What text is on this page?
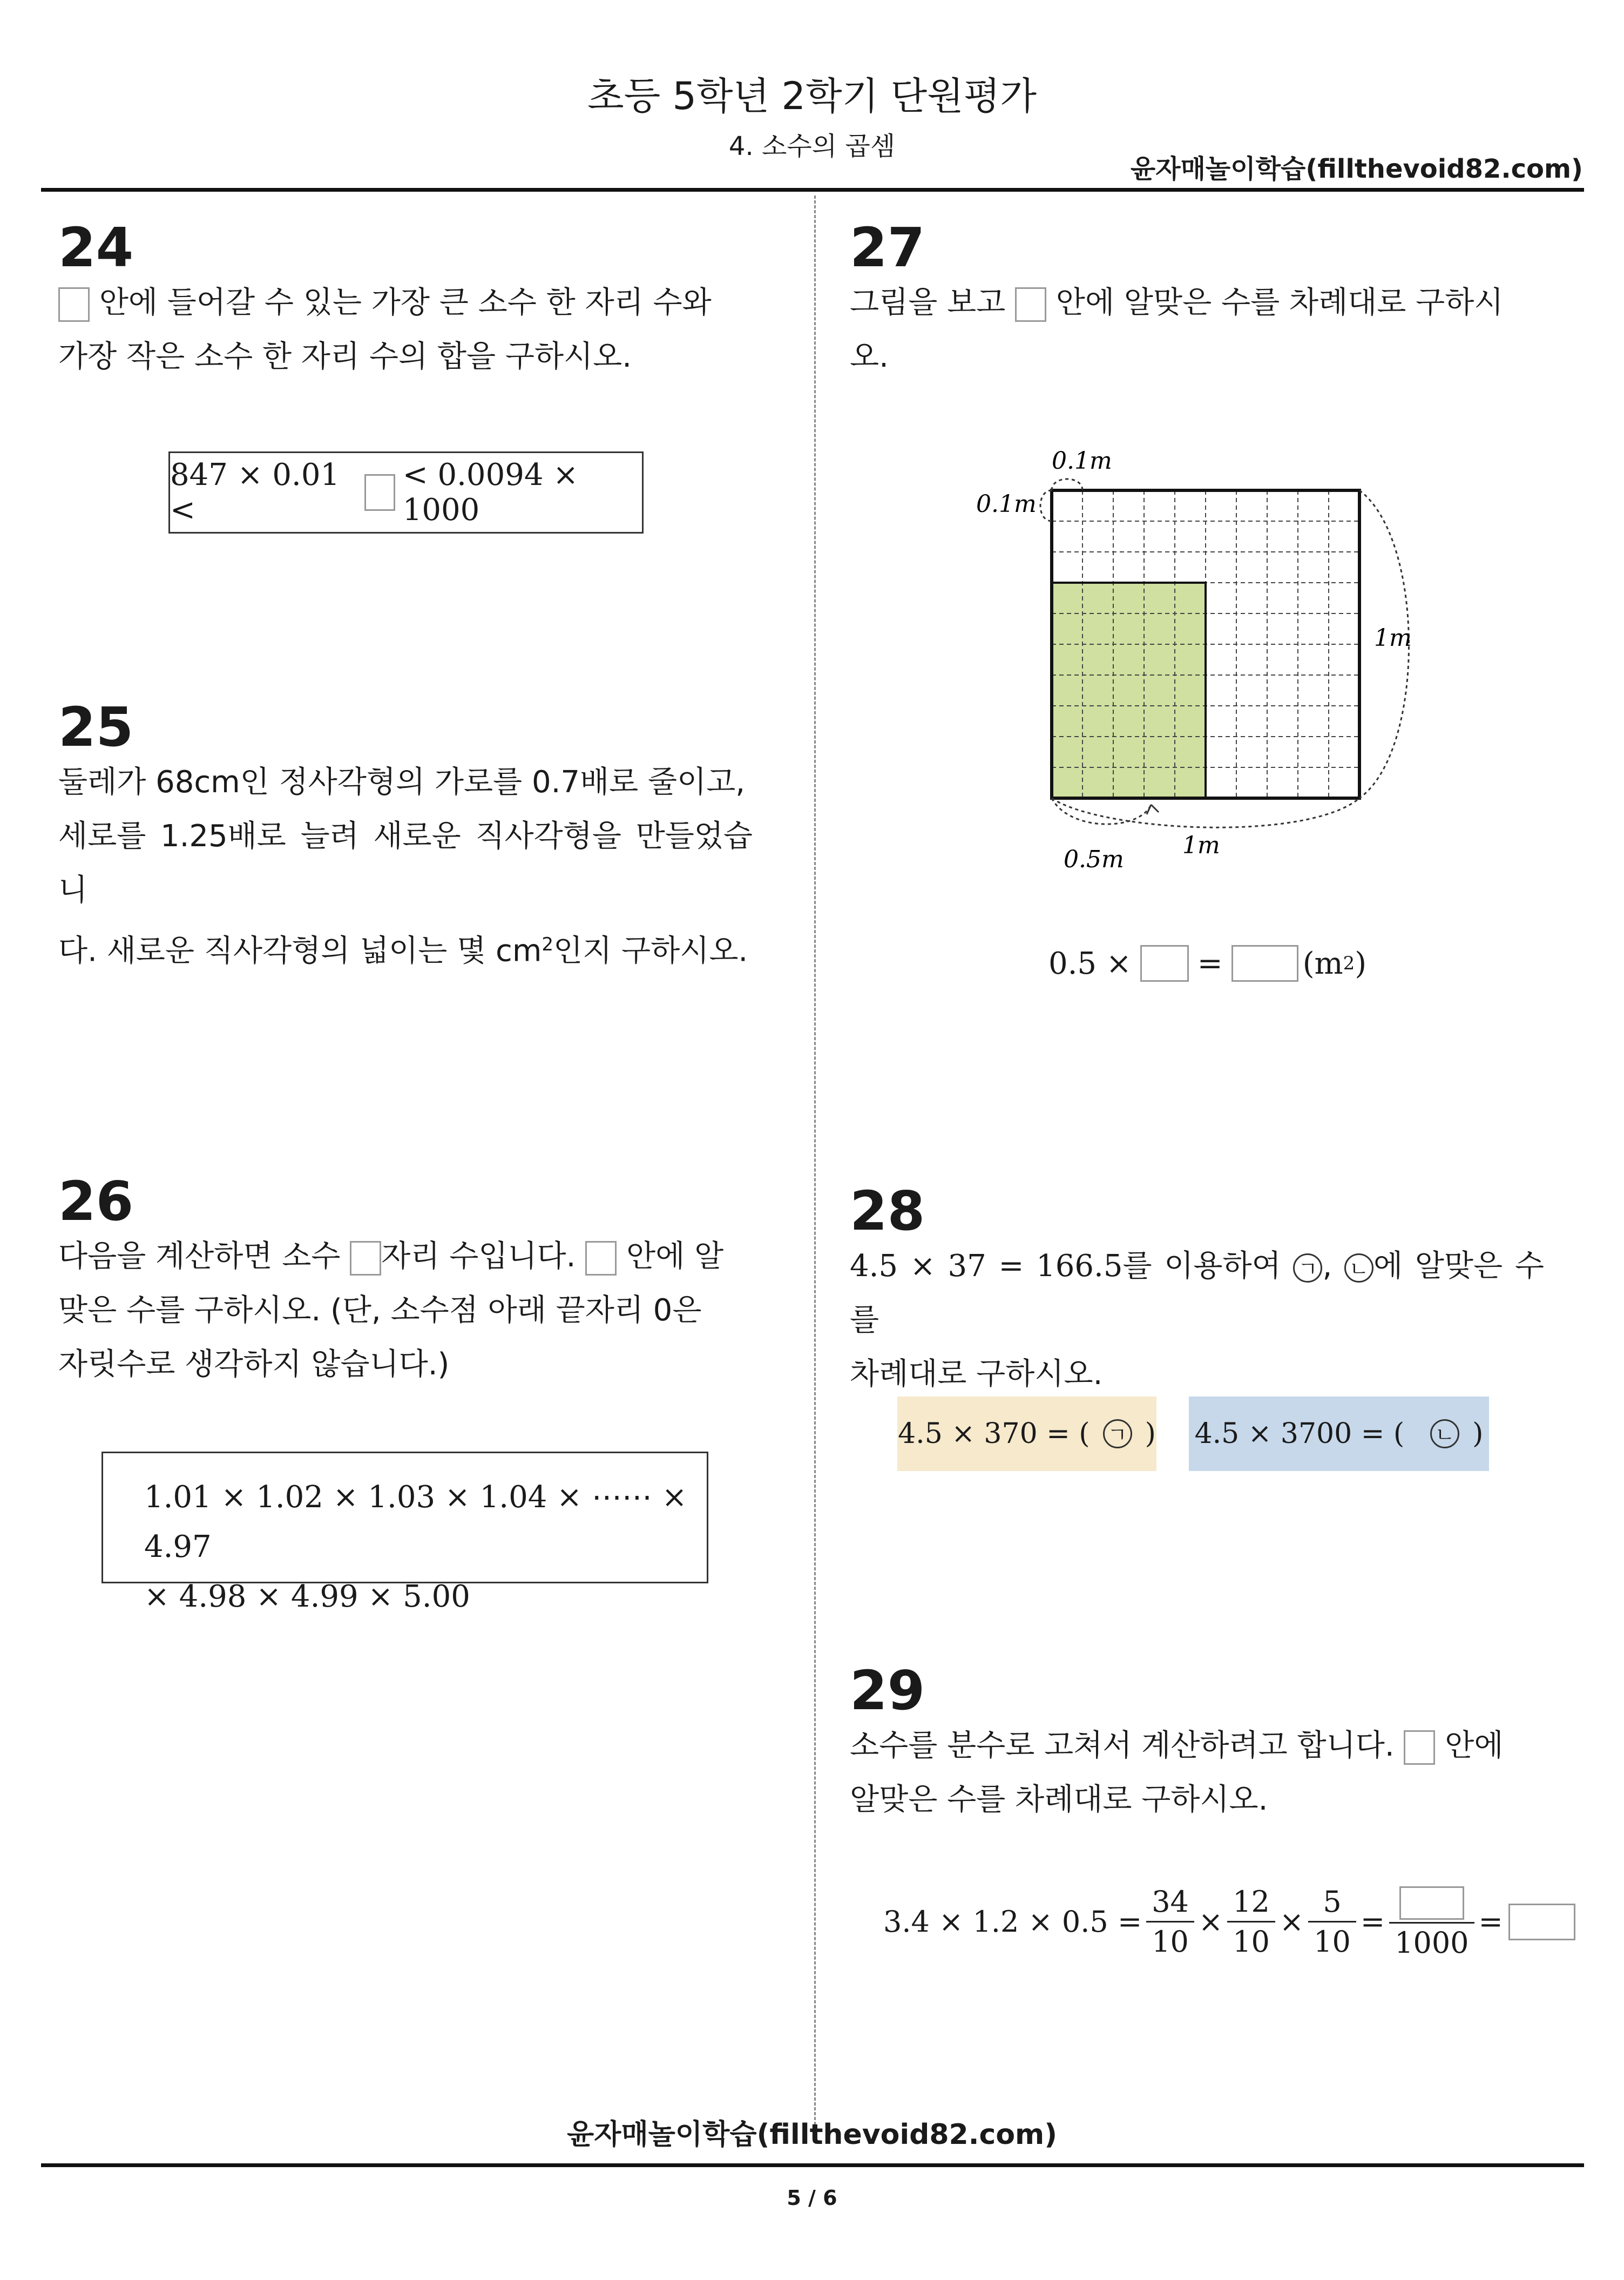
초등 5학년 2학기 단원평가
4. 소수의 곱셈
윤자매놀이학습(fillthevoid82.com)
24
안에 들어갈 수 있는 가장 큰 소수 한 자리 수와
가장 작은 소수 한 자리 수의 합을 구하시오.
847 × 0.01 <
< 0.0094 × 1000
25
둘레가 68cm인 정사각형의 가로를 0.7배로 줄이고,
세로를 1.25배로 늘려 새로운 직사각형을 만들었습니
다. 새로운 직사각형의 넓이는 몇 $cm^2$인지 구하시오.
26
다음을 계산하면 소수 자리 수입니다. 안에 알
맞은 수를 구하시오. (단, 소수점 아래 끝자리 0은
자릿수로 생각하지 않습니다.)
1.01 × 1.02 × 1.03 × 1.04 × ⋯⋯ × 4.97
× 4.98 × 4.99 × 5.00
27
그림을 보고 안에 알맞은 수를 차례대로 구하시
오.
0.1m
0.1m
1m
0.5m
1m
0.5 × =	(m 2 )
28
4.5 × 37 = 166.5를 이용하여 ㄱ , ㄴ 에 알맞은 수를
차례대로 구하시오.
4.5 × 370 = ( ㄱ ) 4.5 × 3700 = ( ㄴ )
29
소수를 분수로 고쳐서 계산하려고 합니다. 안에
알맞은 수를 차례대로 구하시오.
$3.4 \times 1.2 \times 0.5 = \frac{34}{10} \times \frac{12}{10} \times \frac{5}{10}$ =
1000
=
윤자매놀이학습(fillthevoid82.com)
5 / 6
